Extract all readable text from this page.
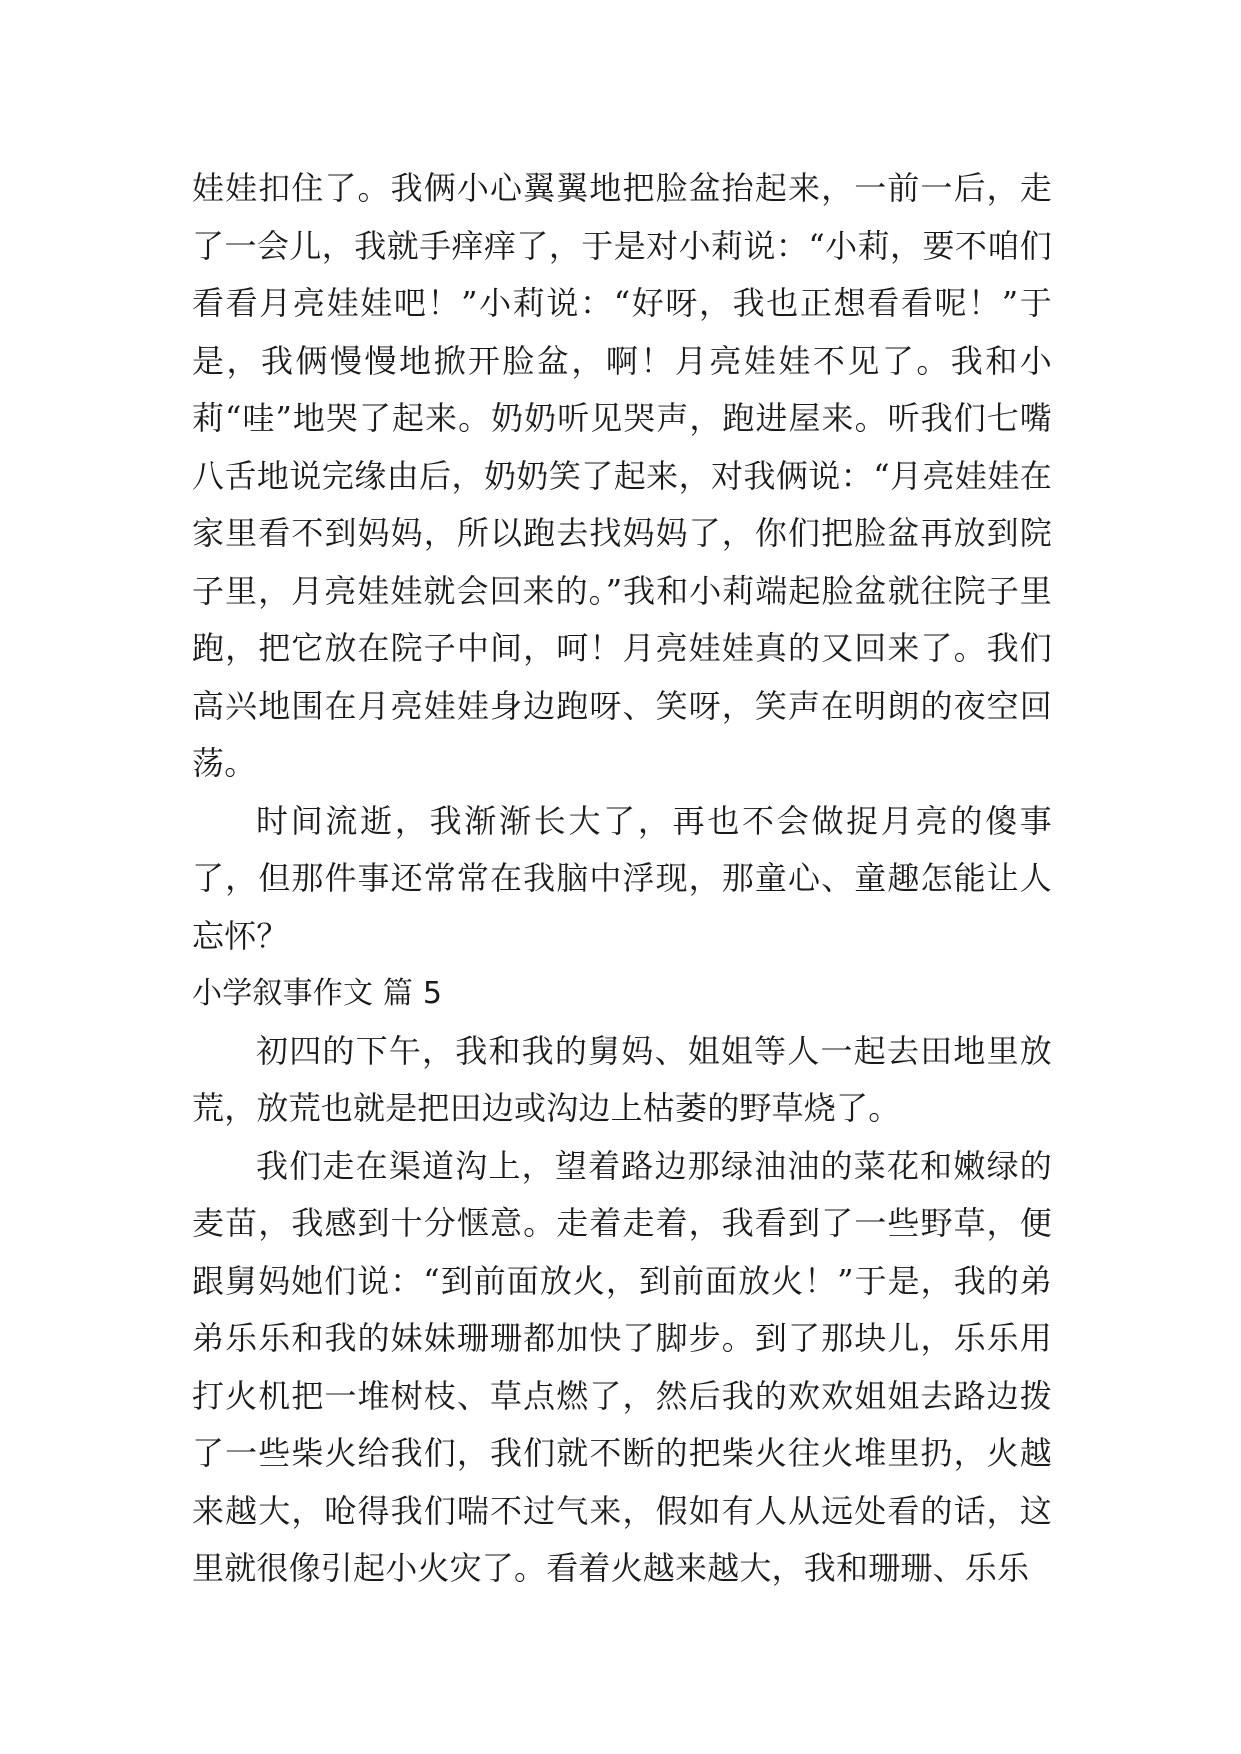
娃娃扣住了。我俩小心翼翼地把脸盆抬起来，一前一后，走了一会儿，我就手痒痒了，于是对小莉说：“小莉，要不咱们看看月亮娃娃吧！”小莉说：“好呀，我也正想看看呢！”于是，我俩慢慢地掀开脸盆，啊！月亮娃娃不见了。我和小莉“哇”地哭了起来。奶奶听见哭声，跑进屋来。听我们七嘴八舌地说完缘由后，奶奶笑了起来，对我俩说：“月亮娃娃在家里看不到妈妈，所以跑去找妈妈了，你们把脸盆再放到院子里，月亮娃娃就会回来的。”我和小莉端起脸盆就往院子里跑，把它放在院子中间，呵！月亮娃娃真的又回来了。我们高兴地围在月亮娃娃身边跑呀、笑呀，笑声在明朗的夜空回荡。

时间流逝，我渐渐长大了，再也不会做捉月亮的傻事了，但那件事还常常在我脑中浮现，那童心、童趣怎能让人忘怀？

小学叙事作文 篇 5

初四的下午，我和我的舅妈、姐姐等人一起去田地里放荒，放荒也就是把田边或沟边上枯萎的野草烧了。

我们走在渠道沟上，望着路边那绿油油的菜花和嫩绿的麦苗，我感到十分惬意。走着走着，我看到了一些野草，便跟舅妈她们说：“到前面放火，到前面放火！”于是，我的弟弟乐乐和我的妹妹珊珊都加快了脚步。到了那块儿，乐乐用打火机把一堆树枝、草点燃了，然后我的欢欢姐姐去路边拨了一些柴火给我们，我们就不断的把柴火往火堆里扔，火越来越大，呛得我们喘不过气来，假如有人从远处看的话，这里就很像引起小火灾了。看着火越来越大，我和珊珊、乐乐
